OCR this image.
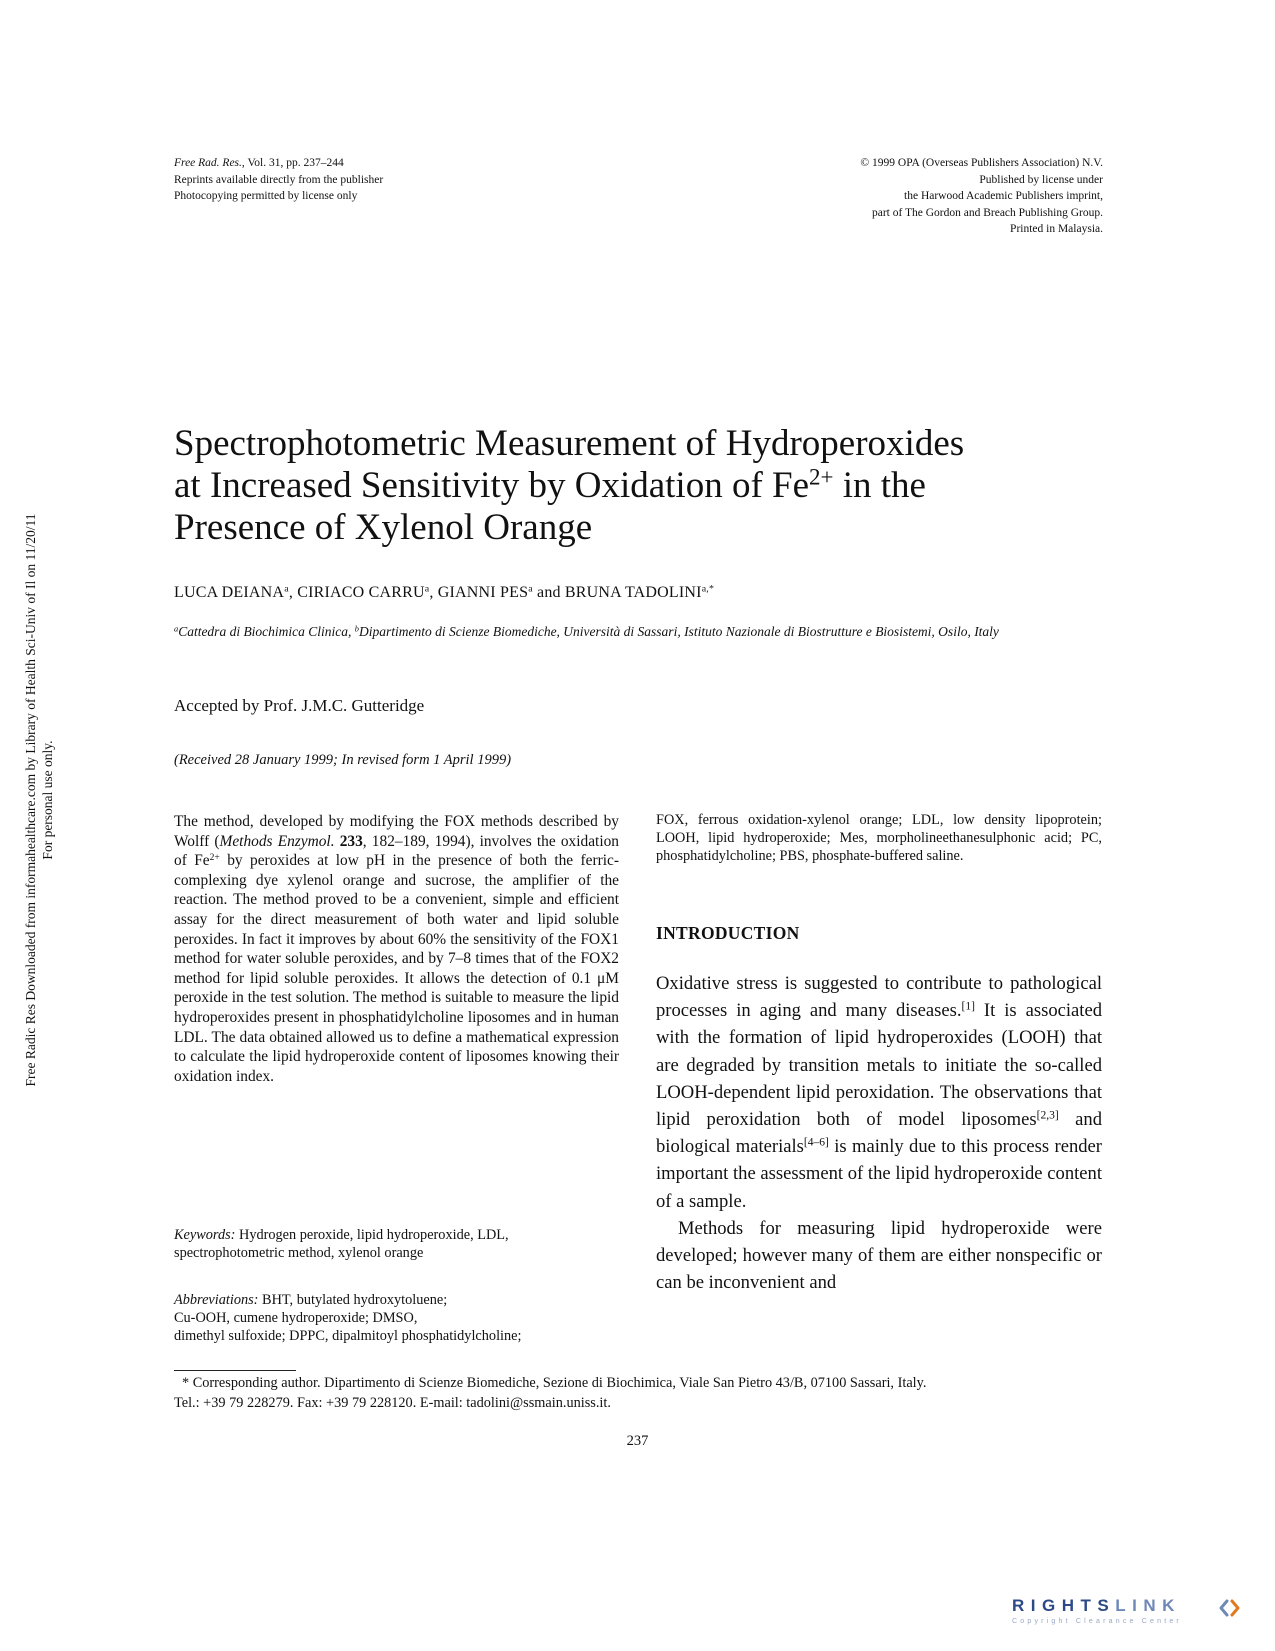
Free Rad. Res., Vol. 31, pp. 237–244
Reprints available directly from the publisher
Photocopying permitted by license only
© 1999 OPA (Overseas Publishers Association) N.V.
Published by license under
the Harwood Academic Publishers imprint,
part of The Gordon and Breach Publishing Group.
Printed in Malaysia.
Free Radic Res Downloaded from informahealthcare.com by Library of Health Sci-Univ of Il on 11/20/11 For personal use only.
Spectrophotometric Measurement of Hydroperoxides
at Increased Sensitivity by Oxidation of $Fe^{2+}$ in the
Presence of Xylenol Orange
LUCA DEIANA$^a$, CIRIACO CARRU$^a$, GIANNI PES$^a$ and BRUNA $TADOLINI^{a,*}$
$^a$Cattedra di Biochimica Clinica, $^b$Dipartimento di Scienze Biomediche, Università di Sassari, Istituto Nazionale di Biostrutture e Biosistemi, Osilo, Italy
Accepted by Prof. J.M.C. Gutteridge
(Received 28 January 1999; In revised form 1 April 1999)
The method, developed by modifying the FOX methods described by Wolff (Methods Enzymol. 233, 182–189, 1994), involves the oxidation of $Fe^{2+}$ by peroxides at low pH in the presence of both the ferric-complexing dye xylenol orange and sucrose, the amplifier of the reaction. The method proved to be a convenient, simple and efficient assay for the direct measurement of both water and lipid soluble peroxides. In fact it improves by about 60% the sensitivity of the FOX1 method for water soluble peroxides, and by 7–8 times that of the FOX2 method for lipid soluble peroxides. It allows the detection of 0.1 μM peroxide in the test solution. The method is suitable to measure the lipid hydroperoxides present in phosphatidylcholine liposomes and in human LDL. The data obtained allowed us to define a mathematical expression to calculate the lipid hydroperoxide content of liposomes knowing their oxidation index.
Keywords: Hydrogen peroxide, lipid hydroperoxide, LDL, spectrophotometric method, xylenol orange
Abbreviations: BHT, butylated hydroxytoluene;
Cu-OOH, cumene hydroperoxide; DMSO,
dimethyl sulfoxide; DPPC, dipalmitoyl phosphatidylcholine;
FOX, ferrous oxidation-xylenol orange; LDL, low density lipoprotein; LOOH, lipid hydroperoxide; Mes, morpholineethanesulphonic acid; PC, phosphatidylcholine; PBS, phosphate-buffered saline.
INTRODUCTION

Oxidative stress is suggested to contribute to pathological processes in aging and many diseases.[1] It is associated with the formation of lipid hydroperoxides (LOOH) that are degraded by transition metals to initiate the so-called LOOH-dependent lipid peroxidation. The observations that lipid peroxidation both of model liposomes[2,3] and biological materials[4–6] is mainly due to this process render important the assessment of the lipid hydroperoxide content of a sample.

Methods for measuring lipid hydroperoxide were developed; however many of them are either nonspecific or can be inconvenient and

* Corresponding author. Dipartimento di Scienze Biomediche, Sezione di Biochimica, Viale San Pietro 43/B, 07100 Sassari, Italy.
Tel.: +39 79 228279. Fax: +39 79 228120. E-mail: tadolini@ssmain.uniss.it.
237
RIGHTSLINK
Copyright Clearance Center
